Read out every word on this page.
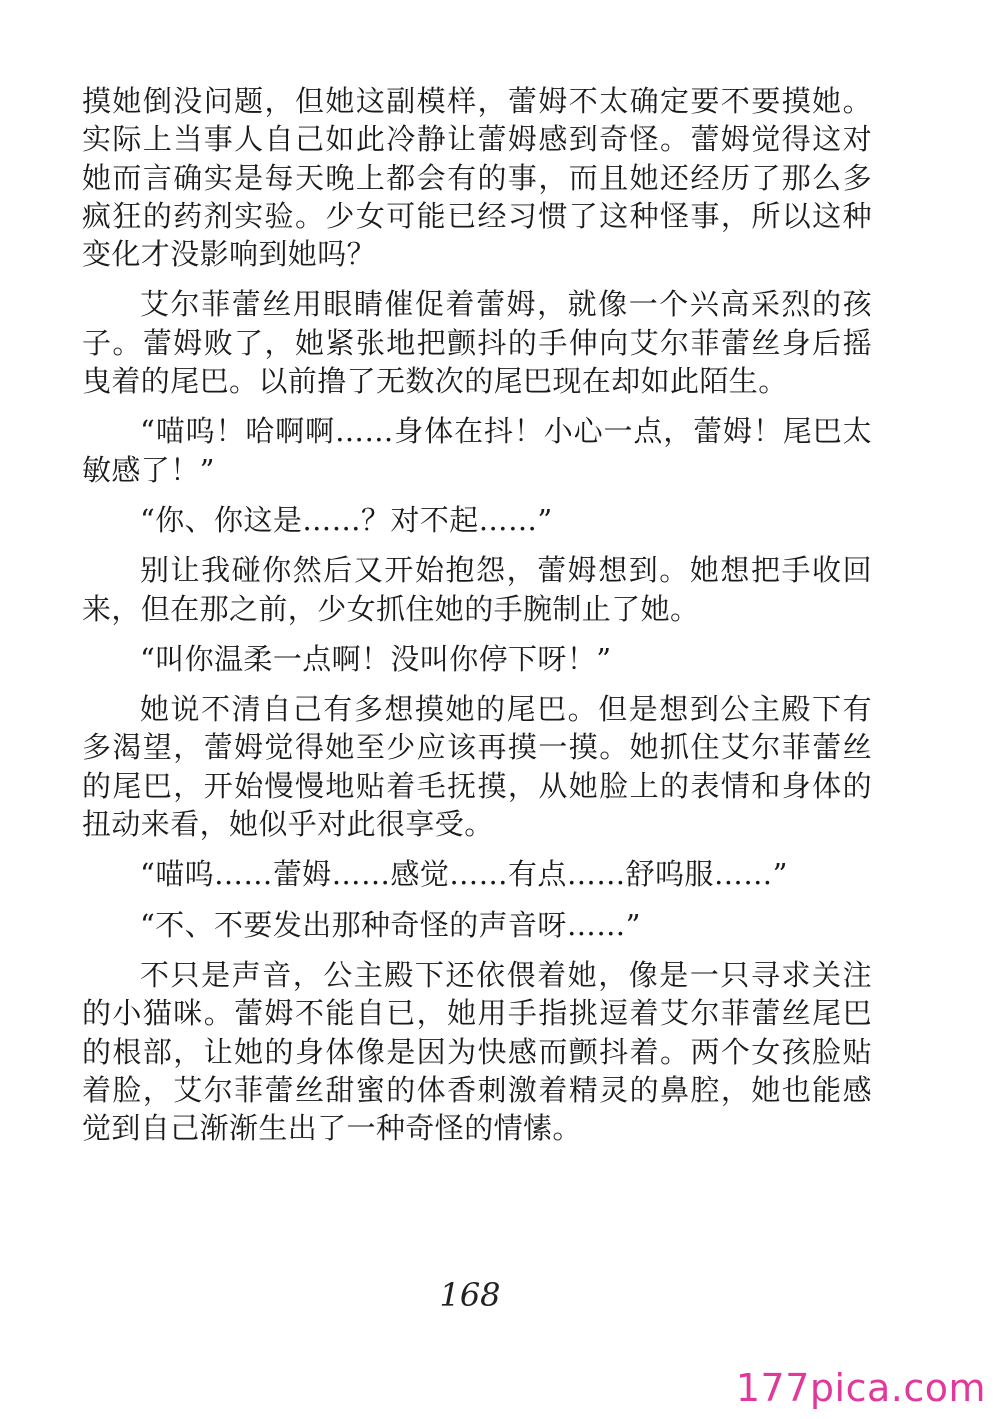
摸她倒没问题，但她这副模样，蕾姆不太确定要不要摸她。实际上当事人自己如此冷静让蕾姆感到奇怪。蕾姆觉得这对她而言确实是每天晚上都会有的事，而且她还经历了那么多疯狂的药剂实验。少女可能已经习惯了这种怪事，所以这种变化才没影响到她吗？

艾尔菲蕾丝用眼睛催促着蕾姆，就像一个兴高采烈的孩子。蕾姆败了，她紧张地把颤抖的手伸向艾尔菲蕾丝身后摇曳着的尾巴。以前撸了无数次的尾巴现在却如此陌生。

“喵呜！哈啊啊……身体在抖！小心一点，蕾姆！尾巴太敏感了！”

“你、你这是……？对不起……”

别让我碰你然后又开始抱怨，蕾姆想到。她想把手收回来，但在那之前，少女抓住她的手腕制止了她。

“叫你温柔一点啊！没叫你停下呀！”

她说不清自己有多想摸她的尾巴。但是想到公主殿下有多渴望，蕾姆觉得她至少应该再摸一摸。她抓住艾尔菲蕾丝的尾巴，开始慢慢地贴着毛抚摸，从她脸上的表情和身体的扭动来看，她似乎对此很享受。

“喵呜……蕾姆……感觉……有点……舒呜服……”

“不、不要发出那种奇怪的声音呀……”

不只是声音，公主殿下还依偎着她，像是一只寻求关注的小猫咪。蕾姆不能自已，她用手指挑逗着艾尔菲蕾丝尾巴的根部，让她的身体像是因为快感而颤抖着。两个女孩脸贴着脸，艾尔菲蕾丝甜蜜的体香刺激着精灵的鼻腔，她也能感觉到自己渐渐生出了一种奇怪的情愫。

168
177pica.com
